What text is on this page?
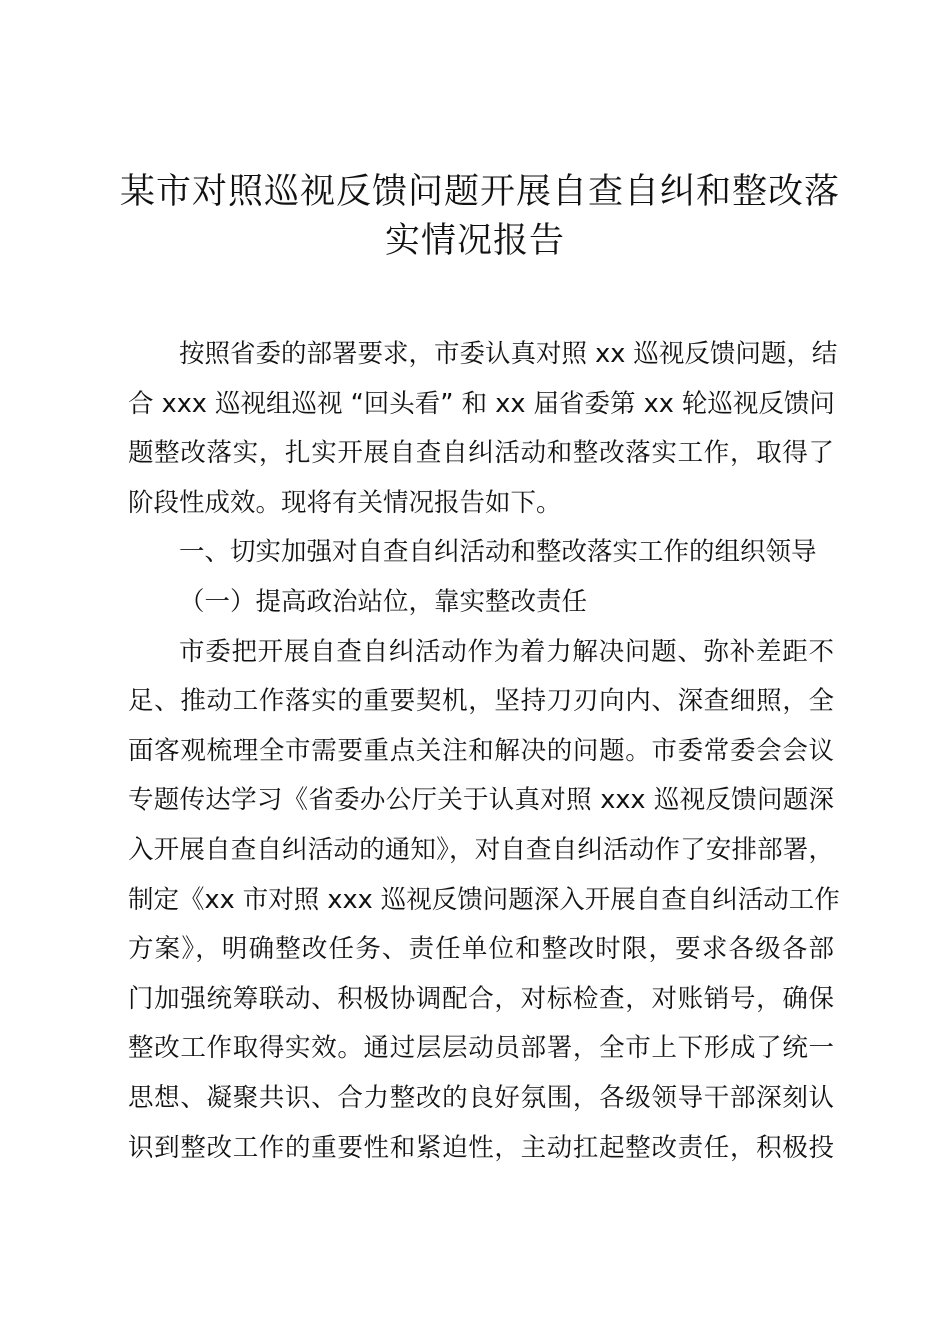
某市对照巡视反馈问题开展自查自纠和整改落
实情况报告
按照省委的部署要求，市委认真对照 xx 巡视反馈问题，结
合 xxx 巡视组巡视 “回头看” 和 xx 届省委第 xx 轮巡视反馈问
题整改落实，扎实开展自查自纠活动和整改落实工作，取得了
阶段性成效。现将有关情况报告如下。
一、切实加强对自查自纠活动和整改落实工作的组织领导
（一）提高政治站位，靠实整改责任
市委把开展自查自纠活动作为着力解决问题、弥补差距不
足、推动工作落实的重要契机，坚持刀刃向内、深查细照，全
面客观梳理全市需要重点关注和解决的问题。市委常委会会议
专题传达学习《省委办公厅关于认真对照 xxx 巡视反馈问题深
入开展自查自纠活动的通知》，对自查自纠活动作了安排部署，
制定《xx 市对照 xxx 巡视反馈问题深入开展自查自纠活动工作
方案》，明确整改任务、责任单位和整改时限，要求各级各部
门加强统筹联动、积极协调配合，对标检查，对账销号，确保
整改工作取得实效。通过层层动员部署，全市上下形成了统一
思想、凝聚共识、合力整改的良好氛围，各级领导干部深刻认
识到整改工作的重要性和紧迫性，主动扛起整改责任，积极投
